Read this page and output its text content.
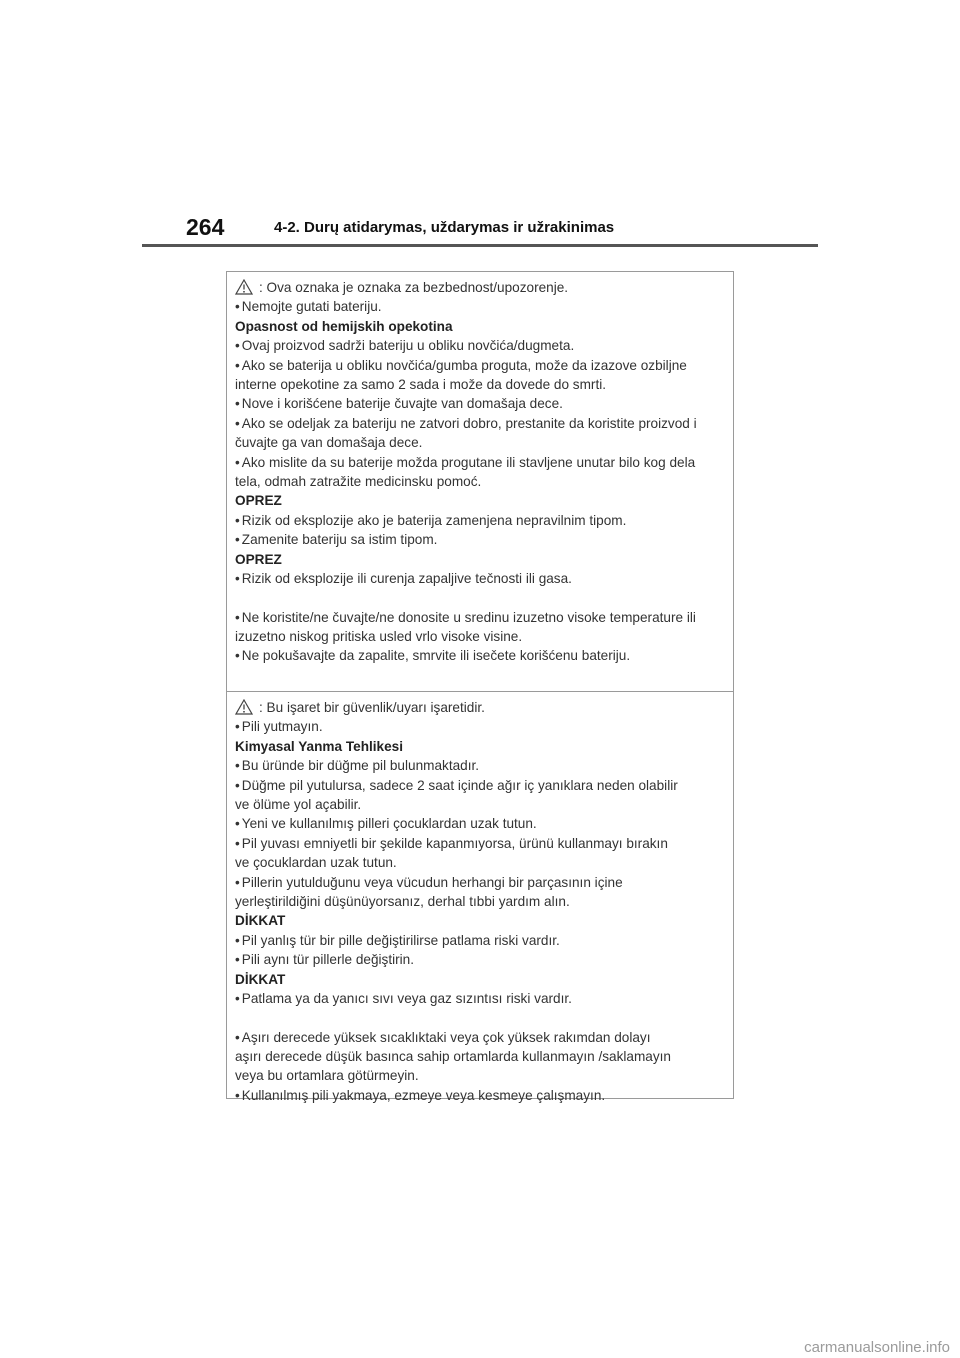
264	4-2. Durų atidarymas, uždarymas ir užrakinimas
: Ova oznaka je oznaka za bezbednost/upozorenje.
• Nemojte gutati bateriju.
Opasnost od hemijskih opekotina
• Ovaj proizvod sadrži bateriju u obliku novčića/dugmeta.
• Ako se baterija u obliku novčića/gumba proguta, može da izazove ozbiljne
interne opekotine za samo 2 sada i može da dovede do smrti.
• Nove i korišćene baterije čuvajte van domašaja dece.
• Ako se odeljak za bateriju ne zatvori dobro, prestanite da koristite proizvod i
čuvajte ga van domašaja dece.
• Ako mislite da su baterije možda progutane ili stavljene unutar bilo kog dela
tela, odmah zatražite medicinsku pomoć.
OPREZ
• Rizik od eksplozije ako je baterija zamenjena nepravilnim tipom.
• Zamenite bateriju sa istim tipom.
OPREZ
• Rizik od eksplozije ili curenja zapaljive tečnosti ili gasa.
• Ne koristite/ne čuvajte/ne donosite u sredinu izuzetno visoke temperature ili
izuzetno niskog pritiska usled vrlo visoke visine.
• Ne pokušavajte da zapalite, smrvite ili isečete korišćenu bateriju.
: Bu işaret bir güvenlik/uyarı işaretidir.
• Pili yutmayın.
Kimyasal Yanma Tehlikesi
• Bu üründe bir düğme pil bulunmaktadır.
• Düğme pil yutulursa, sadece 2 saat içinde ağır iç yanıklara neden olabilir
ve ölüme yol açabilir.
• Yeni ve kullanılmış pilleri çocuklardan uzak tutun.
• Pil yuvası emniyetli bir şekilde kapanmıyorsa, ürünü kullanmayı bırakın
ve çocuklardan uzak tutun.
• Pillerin yutulduğunu veya vücudun herhangi bir parçasının içine
yerleştirildiğini düşünüyorsanız, derhal tıbbi yardım alın.
DİKKAT
• Pil yanlış tür bir pille değiştirilirse patlama riski vardır.
• Pili aynı tür pillerle değiştirin.
DİKKAT
• Patlama ya da yanıcı sıvı veya gaz sızıntısı riski vardır.
• Aşırı derecede yüksek sıcaklıktaki veya çok yüksek rakımdan dolayı
aşırı derecede düşük basınca sahip ortamlarda kullanmayın /saklamayın
veya bu ortamlara götürmeyin.
• Kullanılmış pili yakmaya, ezmeye veya kesmeye çalışmayın.
carmanualsonline.info
